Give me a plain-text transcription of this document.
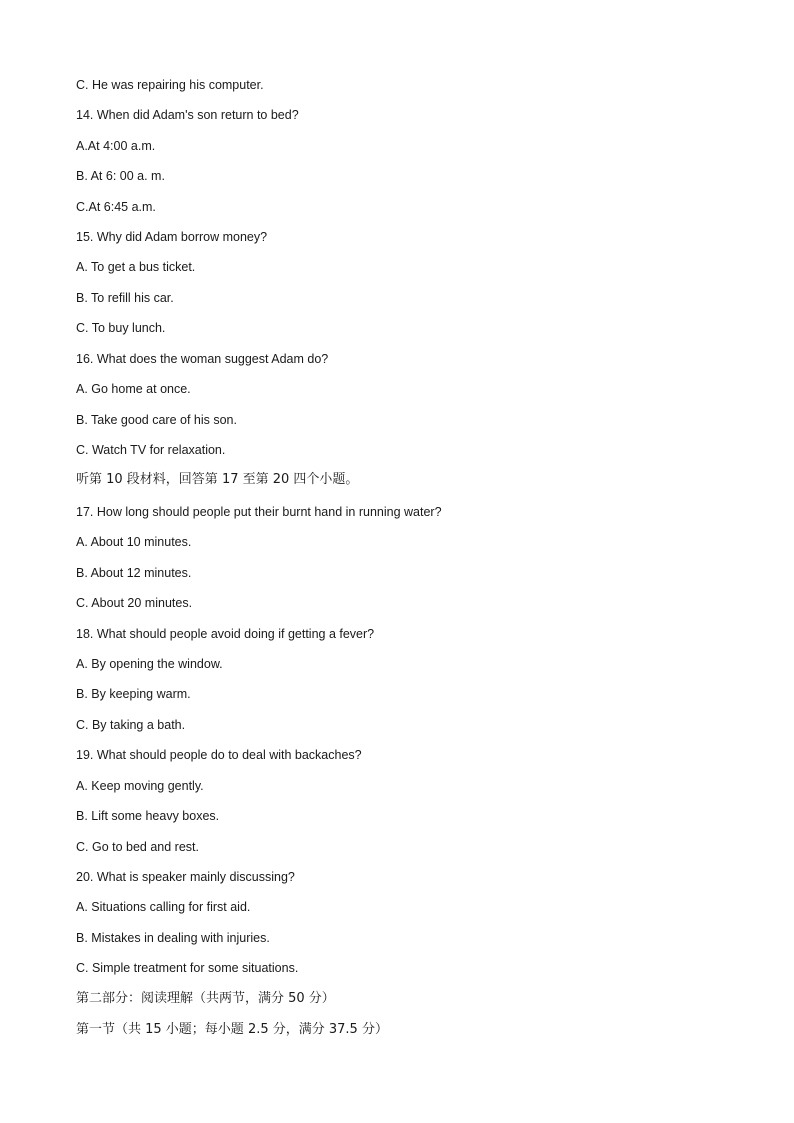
C. He was repairing his computer.
14. When did Adam's son return to bed?
A.At 4:00 a.m.
B. At 6: 00 a. m.
C.At 6:45 a.m.
15. Why did Adam borrow money?
A. To get a bus ticket.
B. To refill his car.
C. To buy lunch.
16. What does the woman suggest Adam do?
A. Go home at once.
B. Take good care of his son.
C. Watch TV for relaxation.
听第 10 段材料，回答第 17 至第 20 四个小题。
17. How long should people put their burnt hand in running water?
A. About 10 minutes.
B. About 12 minutes.
C. About 20 minutes.
18. What should people avoid doing if getting a fever?
A. By opening the window.
B. By keeping warm.
C. By taking a bath.
19. What should people do to deal with backaches?
A. Keep moving gently.
B. Lift some heavy boxes.
C. Go to bed and rest.
20. What is speaker mainly discussing?
A. Situations calling for first aid.
B. Mistakes in dealing with injuries.
C. Simple treatment for some situations.
第二部分：阅读理解（共两节，满分 50 分）
第一节（共 15 小题；每小题 2.5 分，满分 37.5 分）
